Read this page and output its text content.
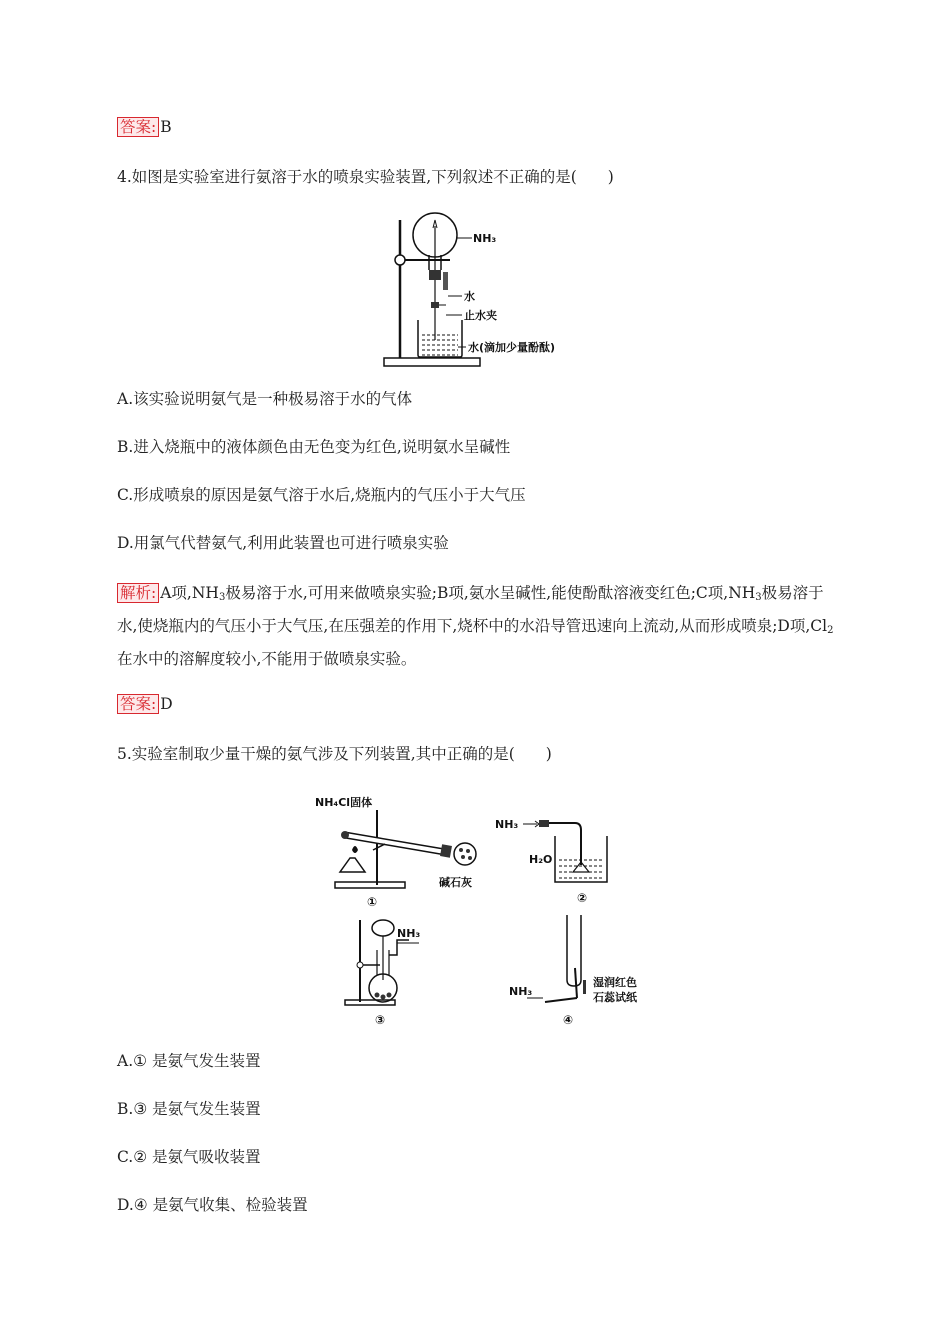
答案: B
4.如图是实验室进行氨溶于水的喷泉实验装置,下列叙述不正确的是(　　)
NH₃
水
止水夹
水(滴加少量酚酞)
A.该实验说明氨气是一种极易溶于水的气体
B.进入烧瓶中的液体颜色由无色变为红色,说明氨水呈碱性
C.形成喷泉的原因是氨气溶于水后,烧瓶内的气压小于大气压
D.用氯气代替氨气,利用此装置也可进行喷泉实验
解析: A项$,NH_3$极易溶于水,可用来做喷泉实验;B项,氨水呈碱性,能使酚酞溶液变红色;C项$,NH_3$极易溶于水,使烧瓶内的气压小于大气压,在压强差的作用下,烧杯中的水沿导管迅速向上流动,从而形成喷泉;D项$,Cl_2$在水中的溶解度较小,不能用于做喷泉实验。
答案: D
5.实验室制取少量干燥的氨气涉及下列装置,其中正确的是(　　)
NH₄Cl固体
碱石灰
①
NH₃
H₂O
②
NH₃
③
NH₃
湿润红色
石蕊试纸
④
A.① 是氨气发生装置
B.③ 是氨气发生装置
C.② 是氨气吸收装置
D.④ 是氨气收集、检验装置
